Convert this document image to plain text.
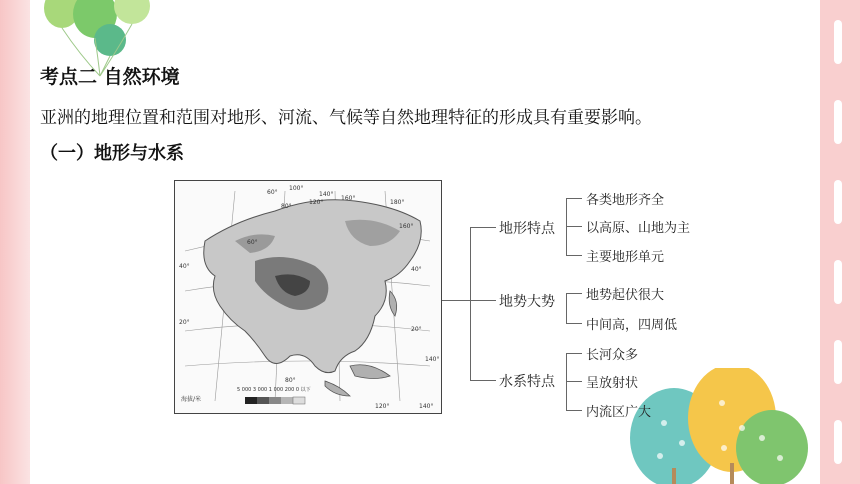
考点二 自然环境
亚洲的地理位置和范围对地形、河流、气候等自然地理特征的形成具有重要影响。
（一）地形与水系
海拔/米
5 000 3 000 1 000 200 0 以下
40°
20°
20°
40°
60°
100°
120°
140°
160°
180°
80°
60°
160°
140°
120°	140°
80°
地形特点
地势大势
水系特点
各类地形齐全
以高原、山地为主
主要地形单元
地势起伏很大
中间高，四周低
长河众多
呈放射状
内流区广大
